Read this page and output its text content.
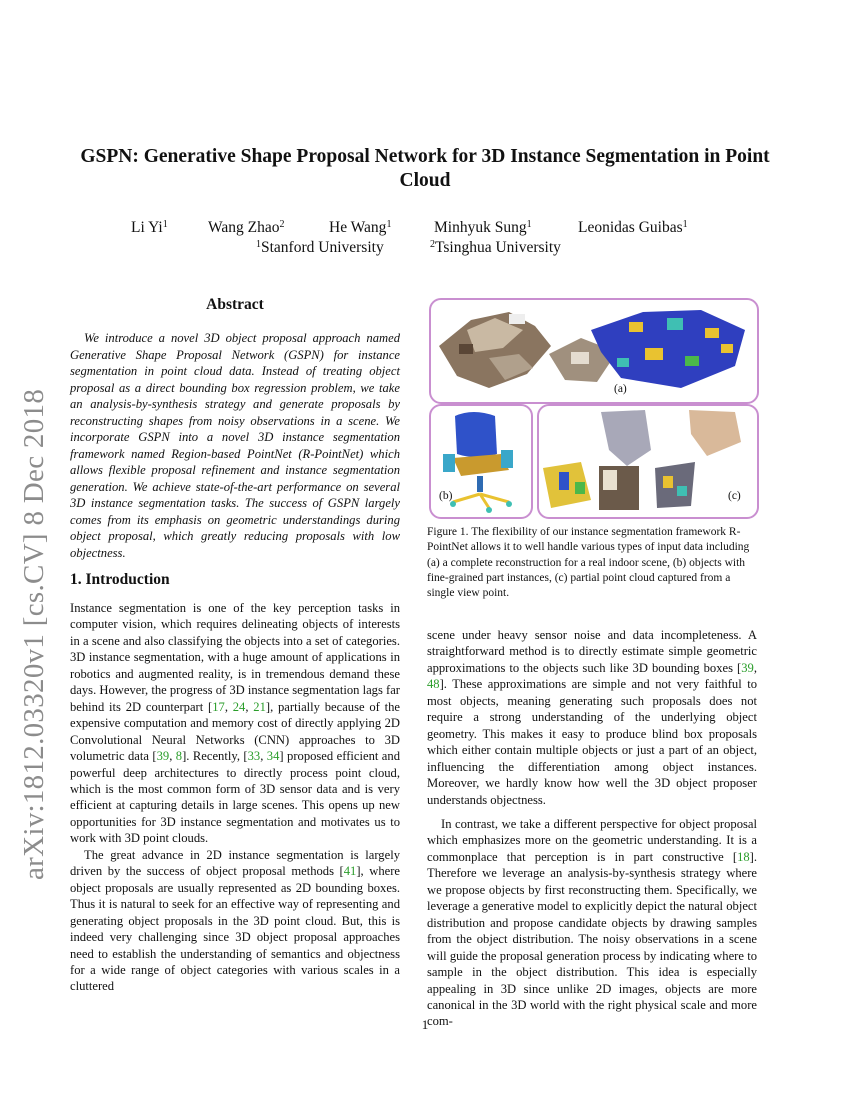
arXiv:1812.03320v1 [cs.CV] 8 Dec 2018
GSPN: Generative Shape Proposal Network for 3D Instance Segmentation in Point Cloud
Li Yi$^1$	Wang Zhao$^2$	He Wang$^1$	Minhyuk Sung$^1$	Leonidas Guibas$^1$
$^1$Stanford University	$^2$Tsinghua University
Abstract

We introduce a novel 3D object proposal approach named Generative Shape Proposal Network (GSPN) for instance segmentation in point cloud data. Instead of treating object proposal as a direct bounding box regression problem, we take an analysis-by-synthesis strategy and generate proposals by reconstructing shapes from noisy observations in a scene. We incorporate GSPN into a novel 3D instance segmentation framework named Region-based PointNet (R-PointNet) which allows flexible proposal refinement and instance segmentation generation. We achieve state-of-the-art performance on several 3D instance segmentation tasks. The success of GSPN largely comes from its emphasis on geometric understandings during object proposal, which greatly reducing proposals with low objectness.

1. Introduction

Instance segmentation is one of the key perception tasks in computer vision, which requires delineating objects of interests in a scene and also classifying the objects into a set of categories. 3D instance segmentation, with a huge amount of applications in robotics and augmented reality, is in tremendous demand these days. However, the progress of 3D instance segmentation lags far behind its 2D counterpart [17, 24, 21], partially because of the expensive computation and memory cost of directly applying 2D Convolutional Neural Networks (CNN) approaches to 3D volumetric data [39, 8]. Recently, [33, 34] proposed efficient and powerful deep architectures to directly process point cloud, which is the most common form of 3D sensor data and is very efficient at capturing details in large scenes. This opens up new opportunities for 3D instance segmentation and motivates us to work with 3D point clouds.

The great advance in 2D instance segmentation is largely driven by the success of object proposal methods [41], where object proposals are usually represented as 2D bounding boxes. Thus it is natural to seek for an effective way of representing and generating object proposals in the 3D point cloud. But, this is indeed very challenging since 3D object proposal approaches need to establish the understanding of semantics and objectness for a wide range of object categories with various scales in a cluttered

(a)
(b)	(c)

Figure 1. The flexibility of our instance segmentation framework R-PointNet allows it to well handle various types of input data including (a) a complete reconstruction for a real indoor scene, (b) objects with fine-grained part instances, (c) partial point cloud captured from a single view point.

scene under heavy sensor noise and data incompleteness. A straightforward method is to directly estimate simple geometric approximations to the objects such like 3D bounding boxes [39, 48]. These approximations are simple and not very faithful to most objects, meaning generating such proposals does not require a strong understanding of the underlying object geometry. This makes it easy to produce blind box proposals which either contain multiple objects or just a part of an object, influencing the differentiation among object instances. Moreover, we hardly know how well the 3D object proposer understands objectness.

In contrast, we take a different perspective for object proposal which emphasizes more on the geometric understanding. It is a commonplace that perception is in part constructive [18]. Therefore we leverage an analysis-by-synthesis strategy where we propose objects by first reconstructing them. Specifically, we leverage a generative model to explicitly depict the natural object distribution and propose candidate objects by drawing samples from the object distribution. The noisy observations in a scene will guide the proposal generation process by indicating where to sample in the object distribution. This idea is especially appealing in 3D since unlike 2D images, objects are more canonical in the 3D world with the right physical scale and more com-

1
